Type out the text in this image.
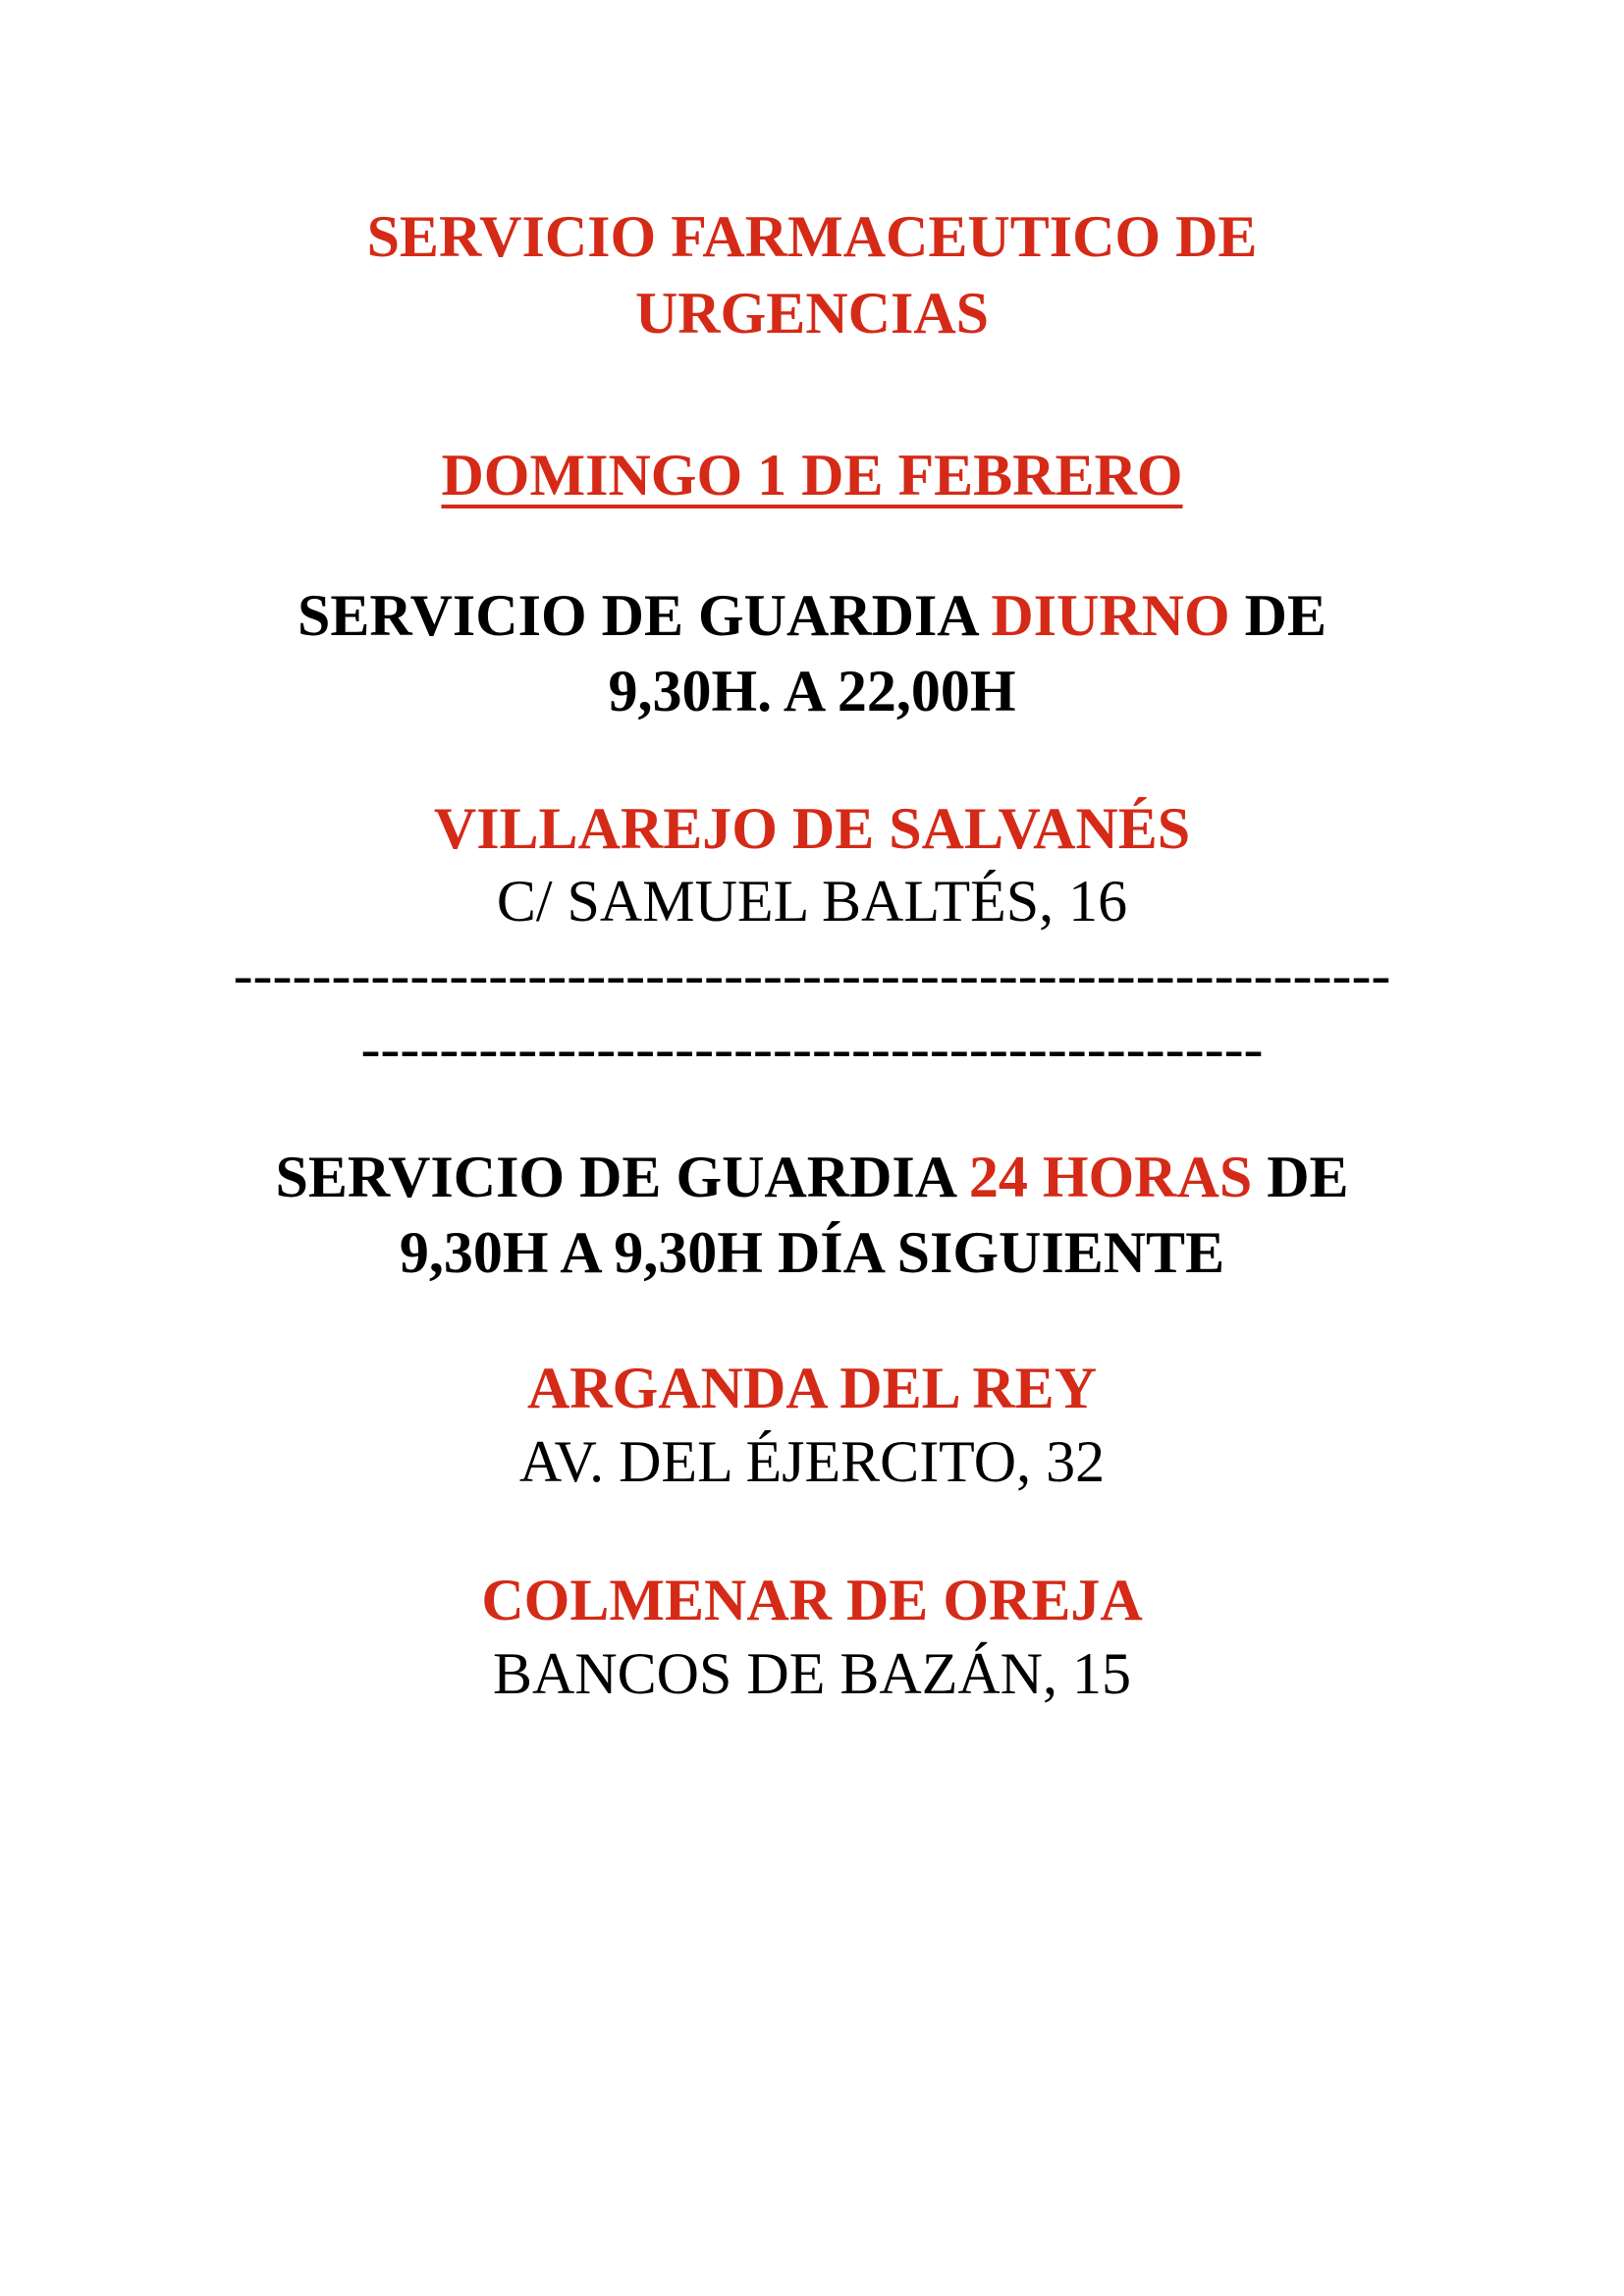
SERVICIO FARMACEUTICO DE
URGENCIAS
DOMINGO 1 DE FEBRERO
SERVICIO DE GUARDIA DIURNO DE
9,30H. A 22,00H
VILLAREJO DE SALVANÉS
C/ SAMUEL BALTÉS, 16
-----------------------------------------------------------
----------------------------------------------
SERVICIO DE GUARDIA 24 HORAS DE
9,30H A 9,30H DÍA SIGUIENTE
ARGANDA DEL REY
AV. DEL ÉJERCITO, 32
COLMENAR DE OREJA
BANCOS DE BAZÁN, 15
